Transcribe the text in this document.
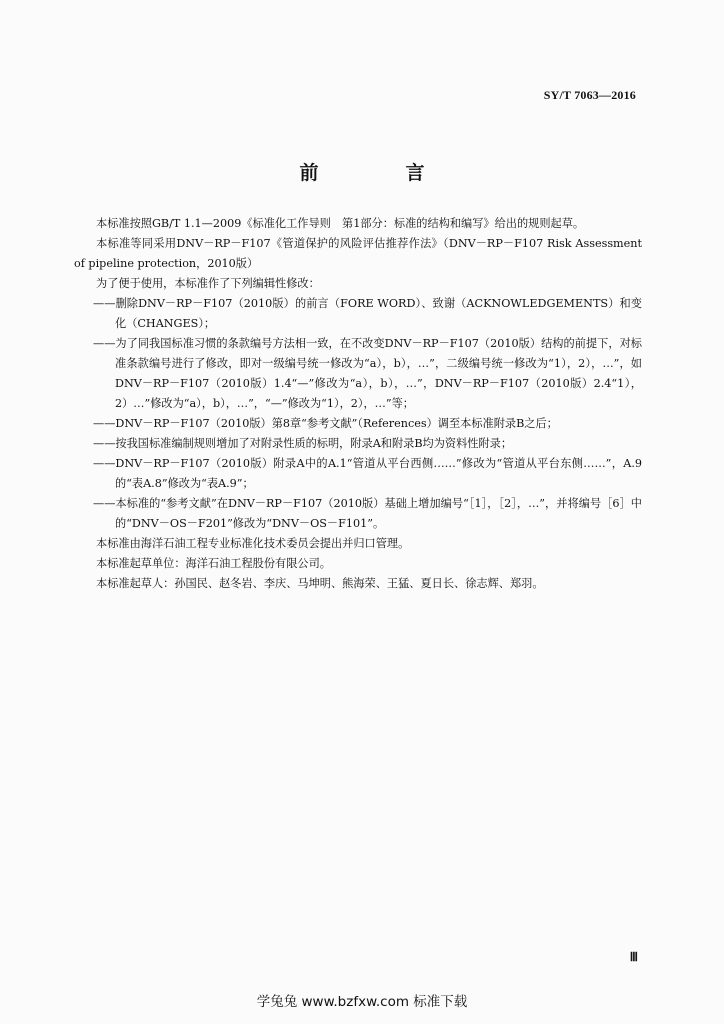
SY/T 7063—2016
前　言

本标准按照GB/T 1.1—2009《标准化工作导则　第1部分：标准的结构和编写》给出的规则起草。

本标准等同采用DNV－RP－F107《管道保护的风险评估推荐作法》（DNV－RP－F107 Risk Assessment of pipeline protection，2010版）

为了便于使用，本标准作了下列编辑性修改：

——删除DNV－RP－F107（2010版）的前言（FORE WORD）、致谢（ACKNOWLEDGEMENTS）和变化（CHANGES）；

——为了同我国标准习惯的条款编号方法相一致，在不改变DNV－RP－F107（2010版）结构的前提下，对标准条款编号进行了修改，即对一级编号统一修改为“a），b），…”，二级编号统一修改为“1），2），…”，如DNV－RP－F107（2010版）1.4“—”修改为“a），b），…”，DNV－RP－F107（2010版）2.4“1），2）…”修改为“a），b），…”，“—”修改为“1），2），…”等；

——DNV－RP－F107（2010版）第8章“参考文献”（References）调至本标准附录B之后；

——按我国标准编制规则增加了对附录性质的标明，附录A和附录B均为资料性附录；

——DNV－RP－F107（2010版）附录A中的A.1“管道从平台西侧……”修改为“管道从平台东侧……”，A.9的“表A.8”修改为“表A.9”；

——本标准的“参考文献”在DNV－RP－F107（2010版）基础上增加编号“［1］，［2］，…”，并将编号［6］中的“DNV－OS－F201”修改为“DNV－OS－F101”。

本标准由海洋石油工程专业标准化技术委员会提出并归口管理。

本标准起草单位：海洋石油工程股份有限公司。

本标准起草人：孙国民、赵冬岩、李庆、马坤明、熊海荣、王猛、夏日长、徐志辉、郑羽。

Ⅲ
学兔兔 www.bzfxw.com 标准下载
